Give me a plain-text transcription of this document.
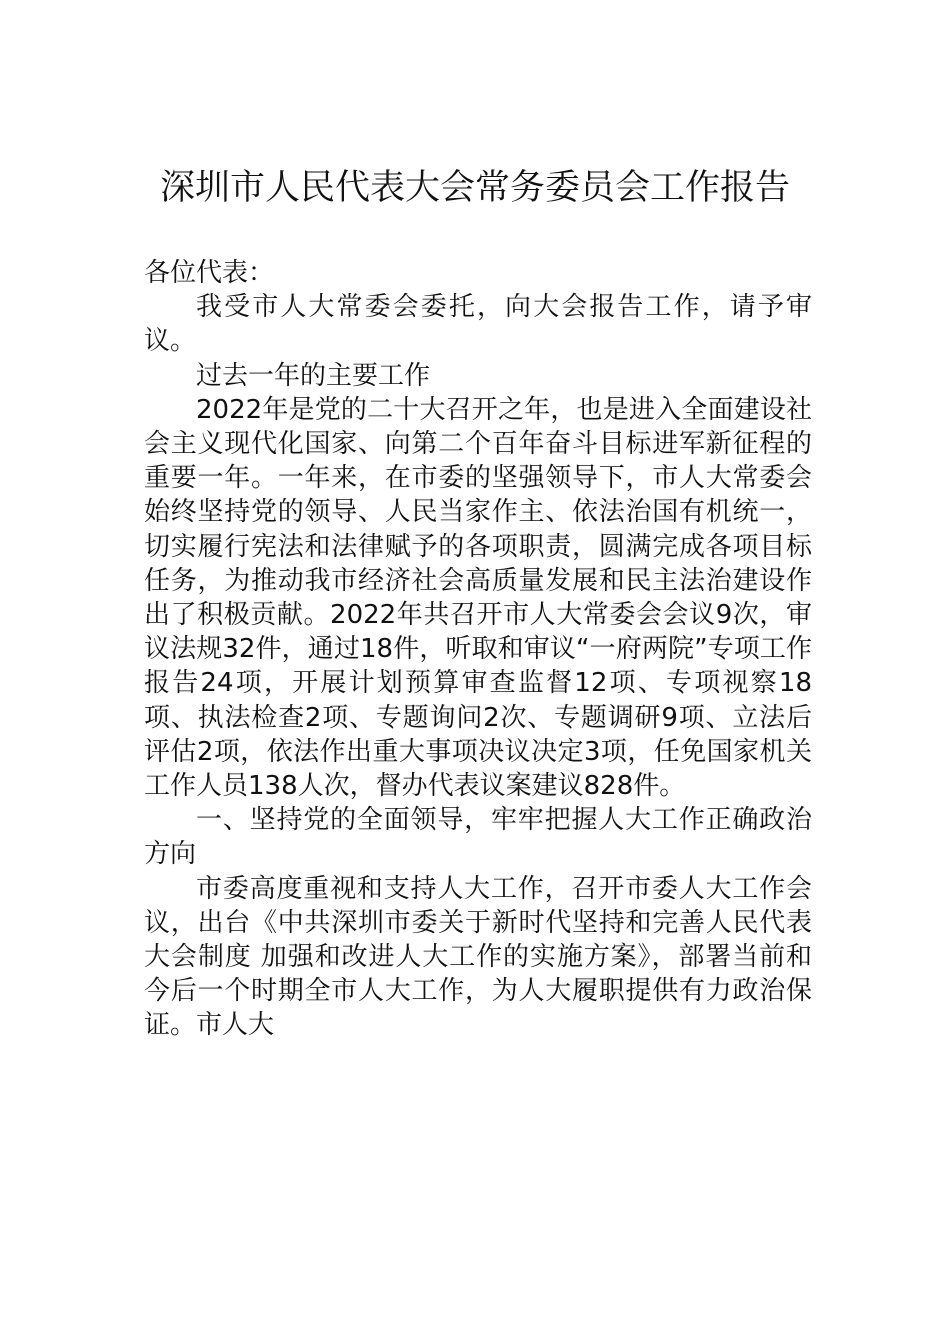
深圳市人民代表大会常务委员会工作报告

各位代表：

我受市人大常委会委托，向大会报告工作，请予审议。

过去一年的主要工作

2022年是党的二十大召开之年，也是进入全面建设社会主义现代化国家、向第二个百年奋斗目标进军新征程的重要一年。一年来，在市委的坚强领导下，市人大常委会始终坚持党的领导、人民当家作主、依法治国有机统一，切实履行宪法和法律赋予的各项职责，圆满完成各项目标任务，为推动我市经济社会高质量发展和民主法治建设作出了积极贡献。2022年共召开市人大常委会会议9次，审议法规32件，通过18件，听取和审议“一府两院”专项工作报告24项，开展计划预算审查监督12项、专项视察18项、执法检查2项、专题询问2次、专题调研9项、立法后评估2项，依法作出重大事项决议决定3项，任免国家机关工作人员138人次，督办代表议案建议828件。

一、坚持党的全面领导，牢牢把握人大工作正确政治方向

市委高度重视和支持人大工作，召开市委人大工作会议，出台《中共深圳市委关于新时代坚持和完善人民代表大会制度 加强和改进人大工作的实施方案》，部署当前和今后一个时期全市人大工作，为人大履职提供有力政治保证。市人大
